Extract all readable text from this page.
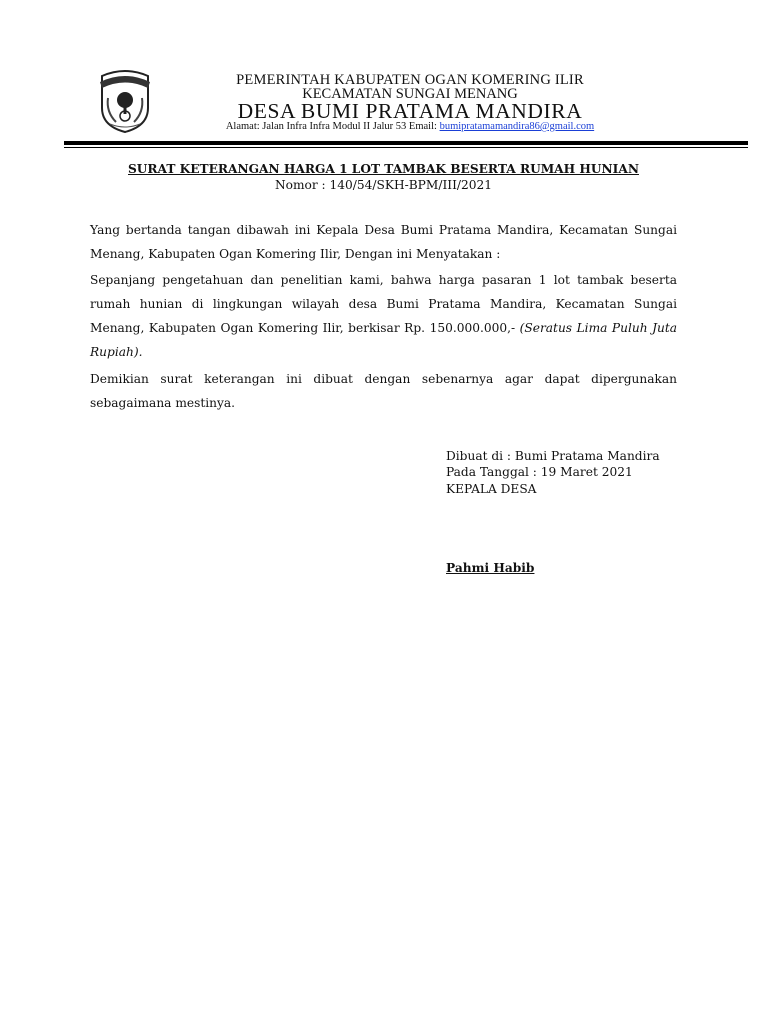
PEMERINTAH KABUPATEN OGAN KOMERING ILIR
KECAMATAN SUNGAI MENANG
DESA BUMI PRATAMA MANDIRA
Alamat: Jalan Infra Infra Modul II Jalur 53 Email: bumipratamamandira86@gmail.com
SURAT KETERANGAN HARGA 1 LOT TAMBAK BESERTA RUMAH HUNIAN
Nomor : 140/54/SKH-BPM/III/2021

Yang bertanda tangan dibawah ini Kepala Desa Bumi Pratama Mandira, Kecamatan Sungai Menang, Kabupaten Ogan Komering Ilir, Dengan ini Menyatakan :

Sepanjang pengetahuan dan penelitian kami, bahwa harga pasaran 1 lot tambak beserta rumah hunian di lingkungan wilayah desa Bumi Pratama Mandira, Kecamatan Sungai Menang, Kabupaten Ogan Komering Ilir, berkisar Rp. 150.000.000,- (Seratus Lima Puluh Juta Rupiah).

Demikian surat keterangan ini dibuat dengan sebenarnya agar dapat dipergunakan sebagaimana mestinya.

Dibuat di : Bumi Pratama Mandira
Pada Tanggal : 19 Maret 2021
KEPALA DESA
Pahmi Habib
